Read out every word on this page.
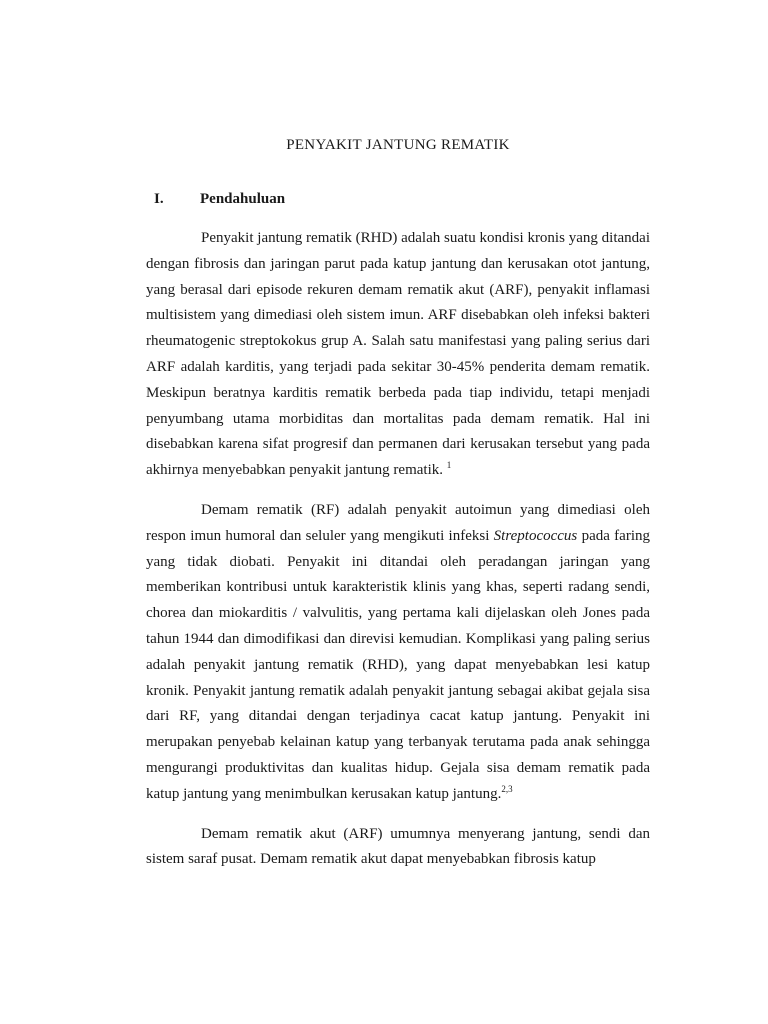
PENYAKIT JANTUNG REMATIK
I. Pendahuluan

Penyakit jantung rematik (RHD) adalah suatu kondisi kronis yang ditandai dengan fibrosis dan jaringan parut pada katup jantung dan kerusakan otot jantung, yang berasal dari episode rekuren demam rematik akut (ARF), penyakit inflamasi multisistem yang dimediasi oleh sistem imun. ARF disebabkan oleh infeksi bakteri rheumatogenic streptokokus grup A. Salah satu manifestasi yang paling serius dari ARF adalah karditis, yang terjadi pada sekitar 30-45% penderita demam rematik. Meskipun beratnya karditis rematik berbeda pada tiap individu, tetapi menjadi penyumbang utama morbiditas dan mortalitas pada demam rematik. Hal ini disebabkan karena sifat progresif dan permanen dari kerusakan tersebut yang pada akhirnya menyebabkan penyakit jantung rematik. $^1$

Demam rematik (RF) adalah penyakit autoimun yang dimediasi oleh respon imun humoral dan seluler yang mengikuti infeksi Streptococcus pada faring yang tidak diobati. Penyakit ini ditandai oleh peradangan jaringan yang memberikan kontribusi untuk karakteristik klinis yang khas, seperti radang sendi, chorea dan miokarditis / valvulitis, yang pertama kali dijelaskan oleh Jones pada tahun 1944 dan dimodifikasi dan direvisi kemudian. Komplikasi yang paling serius adalah penyakit jantung rematik (RHD), yang dapat menyebabkan lesi katup kronik. Penyakit jantung rematik adalah penyakit jantung sebagai akibat gejala sisa dari RF, yang ditandai dengan terjadinya cacat katup jantung. Penyakit ini merupakan penyebab kelainan katup yang terbanyak terutama pada anak sehingga mengurangi produktivitas dan kualitas hidup. Gejala sisa demam rematik pada katup jantung yang menimbulkan kerusakan katup jantung.$^{2,3}$

Demam rematik akut (ARF) umumnya menyerang jantung, sendi dan sistem saraf pusat. Demam rematik akut dapat menyebabkan fibrosis katup
